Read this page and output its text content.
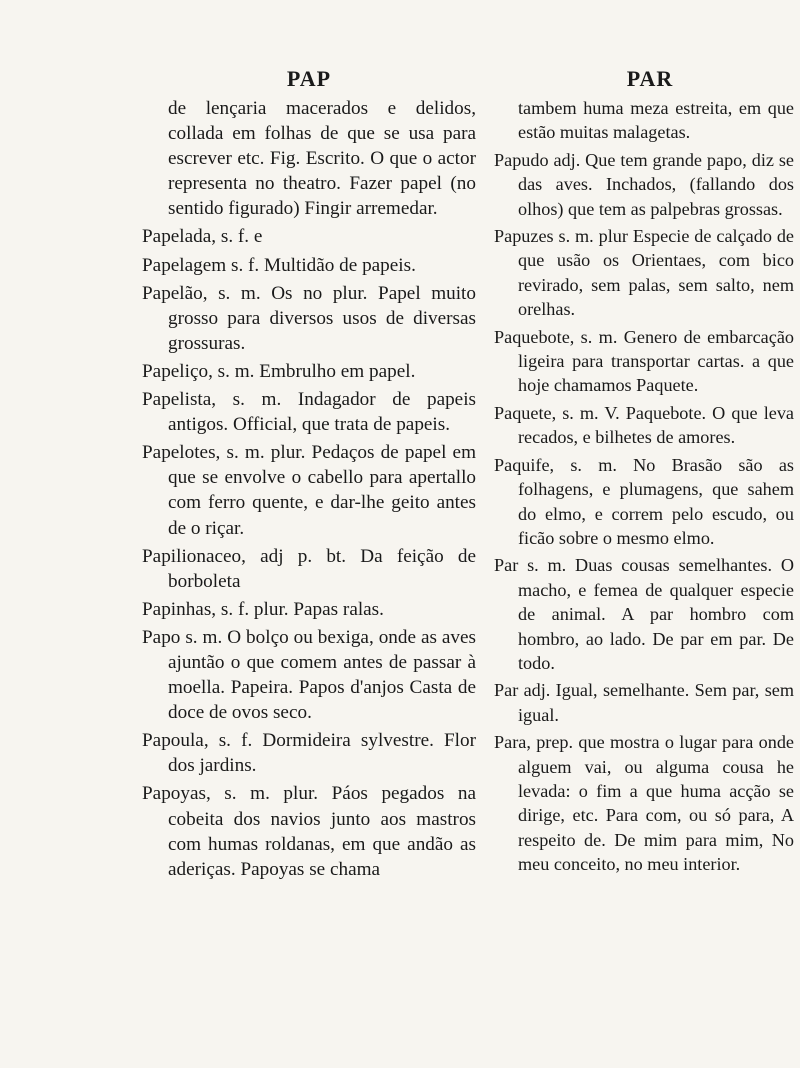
PAP

de lençaria macerados e delidos, collada em folhas de que se usa para escrever etc. Fig. Escrito. O que o actor representa no theatro. Fazer papel (no sentido figurado) Fingir arremedar.

Papelada, s. f. e

Papelagem s. f. Multidão de papeis.

Papelão, s. m. Os no plur. Papel muito grosso para diversos usos de diversas grossuras.

Papeliço, s. m. Embrulho em papel.

Papelista, s. m. Indagador de papeis antigos. Official, que trata de papeis.

Papelotes, s. m. plur. Pedaços de papel em que se envolve o cabello para apertallo com ferro quente, e dar-lhe geito antes de o riçar.

Papilionaceo, adj p. bt. Da feição de borboleta

Papinhas, s. f. plur. Papas ralas.

Papo s. m. O bolço ou bexiga, onde as aves ajuntão o que comem antes de passar à moella. Papeira. Papos d'anjos Casta de doce de ovos seco.

Papoula, s. f. Dormideira sylvestre. Flor dos jardins.

Papoyas, s. m. plur. Páos pegados na cobeita dos navios junto aos mastros com humas roldanas, em que andão as aderiças. Papoyas se chama

PAR

tambem huma meza estreita, em que estão muitas malagetas.

Papudo adj. Que tem grande papo, diz se das aves. Inchados, (fallando dos olhos) que tem as palpebras grossas.

Papuzes s. m. plur Especie de calçado de que usão os Orientaes, com bico revirado, sem palas, sem salto, nem orelhas.

Paquebote, s. m. Genero de embarcação ligeira para transportar cartas. a que hoje chamamos Paquete.

Paquete, s. m. V. Paquebote. O que leva recados, e bilhetes de amores.

Paquife, s. m. No Brasão são as folhagens, e plumagens, que sahem do elmo, e correm pelo escudo, ou ficão sobre o mesmo elmo.

Par s. m. Duas cousas semelhantes. O macho, e femea de qualquer especie de animal. A par hombro com hombro, ao lado. De par em par. De todo.

Par adj. Igual, semelhante. Sem par, sem igual.

Para, prep. que mostra o lugar para onde alguem vai, ou alguma cousa he levada: o fim a que huma acção se dirige, etc. Para com, ou só para, A respeito de. De mim para mim, No meu conceito, no meu interior.
